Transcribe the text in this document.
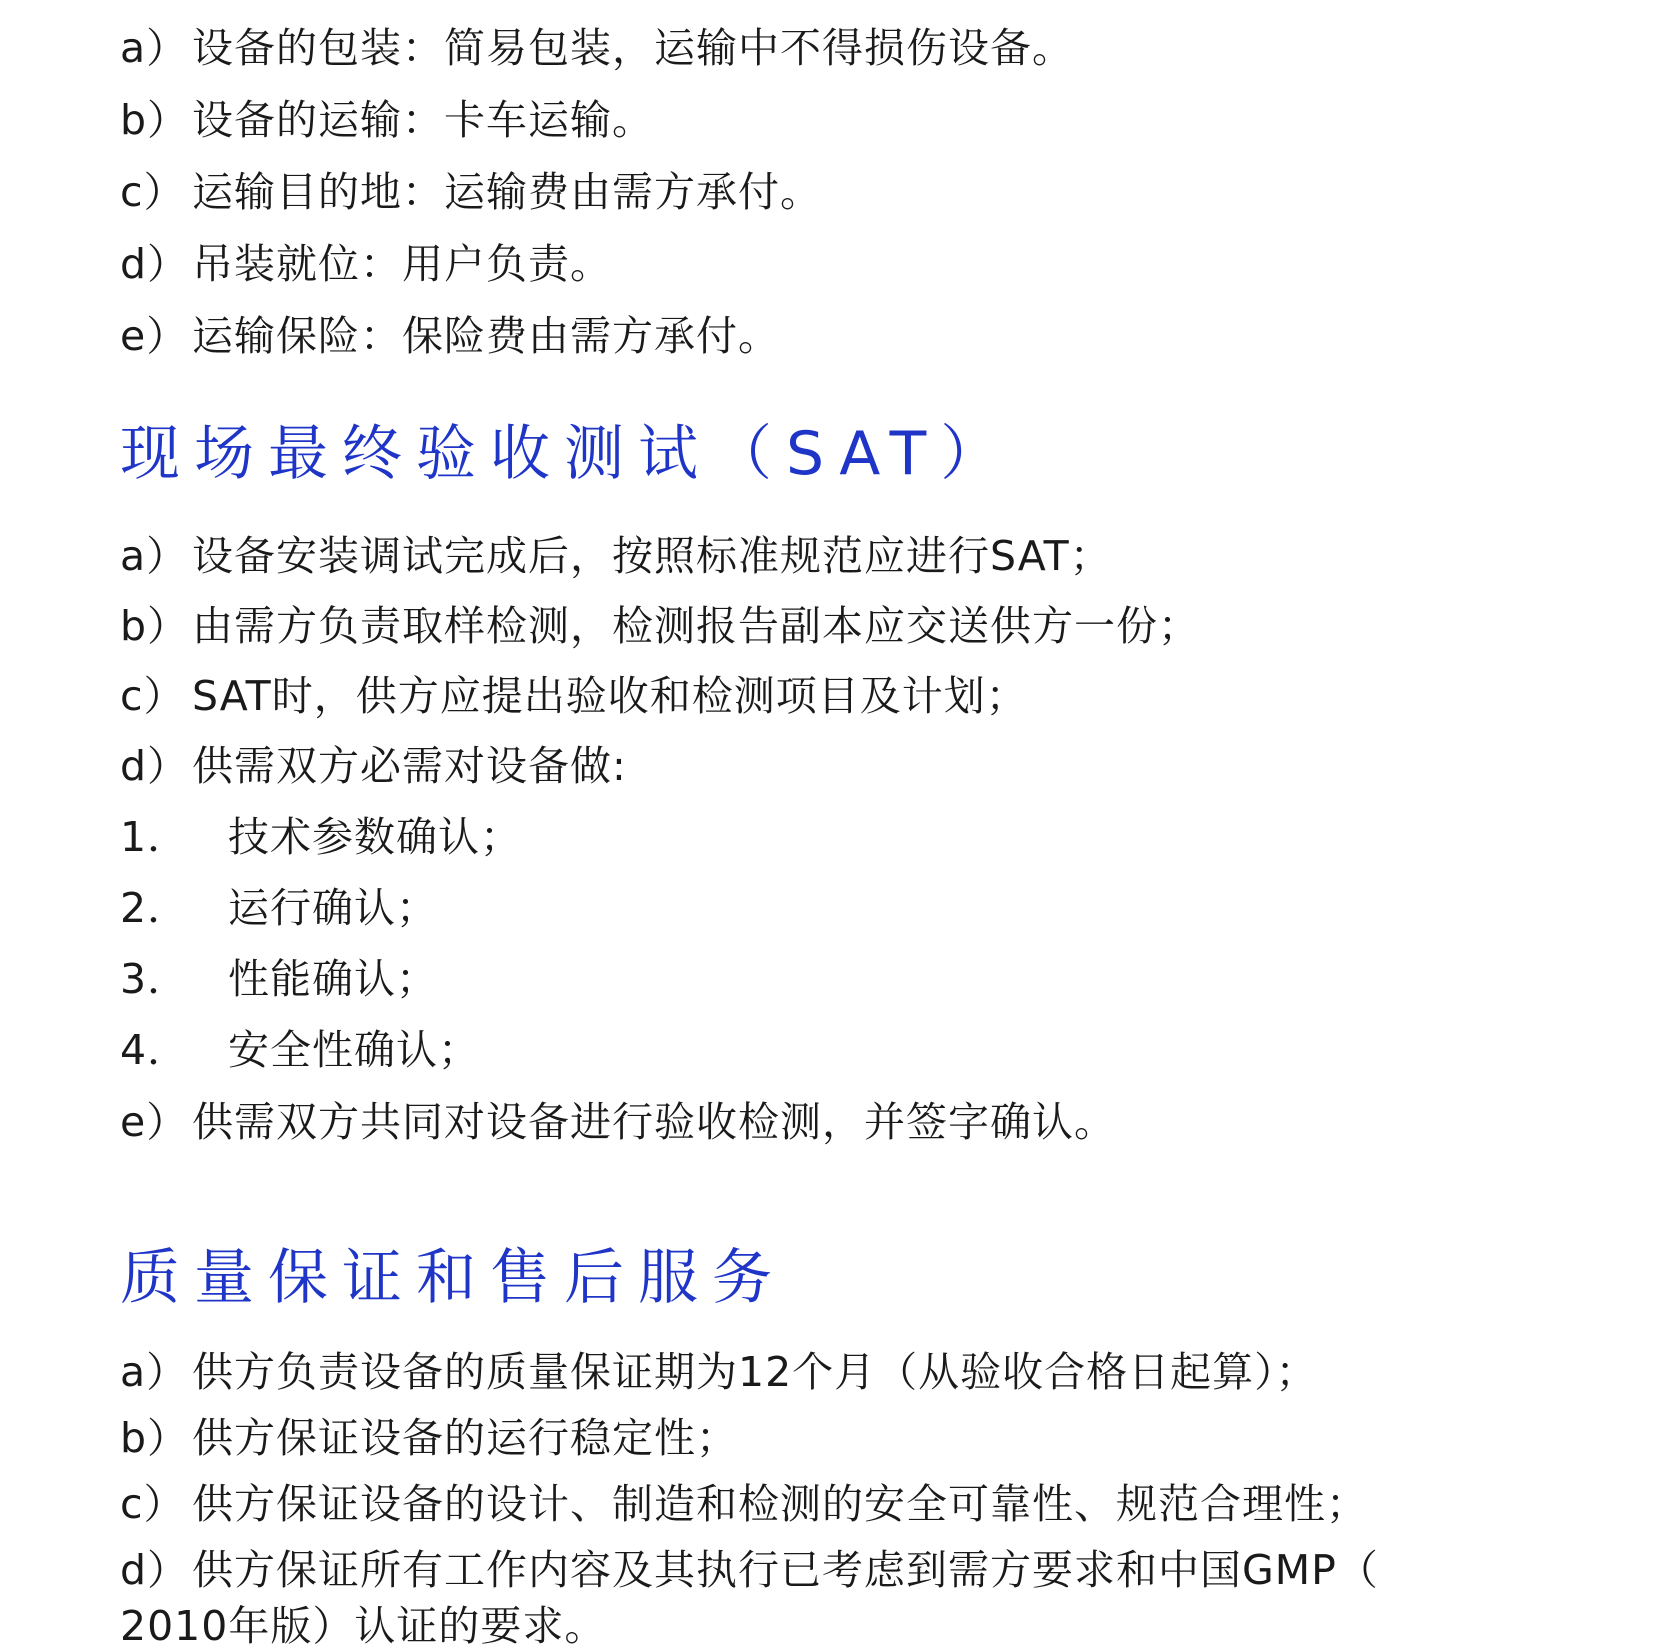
a）设备的包装：简易包装，运输中不得损伤设备。
b）设备的运输：卡车运输。
c） 运输目的地：运输费由需方承付。
d）吊装就位：用户负责。
e）运输保险：保险费由需方承付。
现场最终验收测试（SAT）
a）设备安装调试完成后，按照标准规范应进行SAT；
b）由需方负责取样检测，检测报告副本应交送供方一份；
c） SAT时，供方应提出验收和检测项目及计划；
d）供需双方必需对设备做:
1． 技术参数确认；
2． 运行确认；
3． 性能确认；
4． 安全性确认；
e）供需双方共同对设备进行验收检测，并签字确认。
质量保证和售后服务
a）供方负责设备的质量保证期为12个月（从验收合格日起算）；
b）供方保证设备的运行稳定性；
c） 供方保证设备的设计、制造和检测的安全可靠性、规范合理性；
d）供方保证所有工作内容及其执行已考虑到需方要求和中国GMP（
2010年版）认证的要求。
